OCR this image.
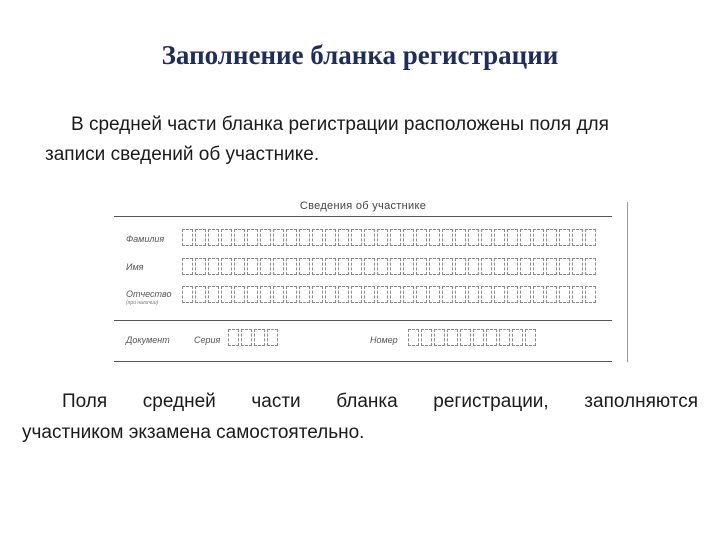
Заполнение бланка регистрации

В средней части бланка регистрации расположены поля для
записи сведений об участнике.

Сведения об участнике
Фамилия
Имя
Отчество
(при наличии)
Документ	Серия	Номер

Поля средней части бланка регистрации, заполняются
участником экзамена самостоятельно.
